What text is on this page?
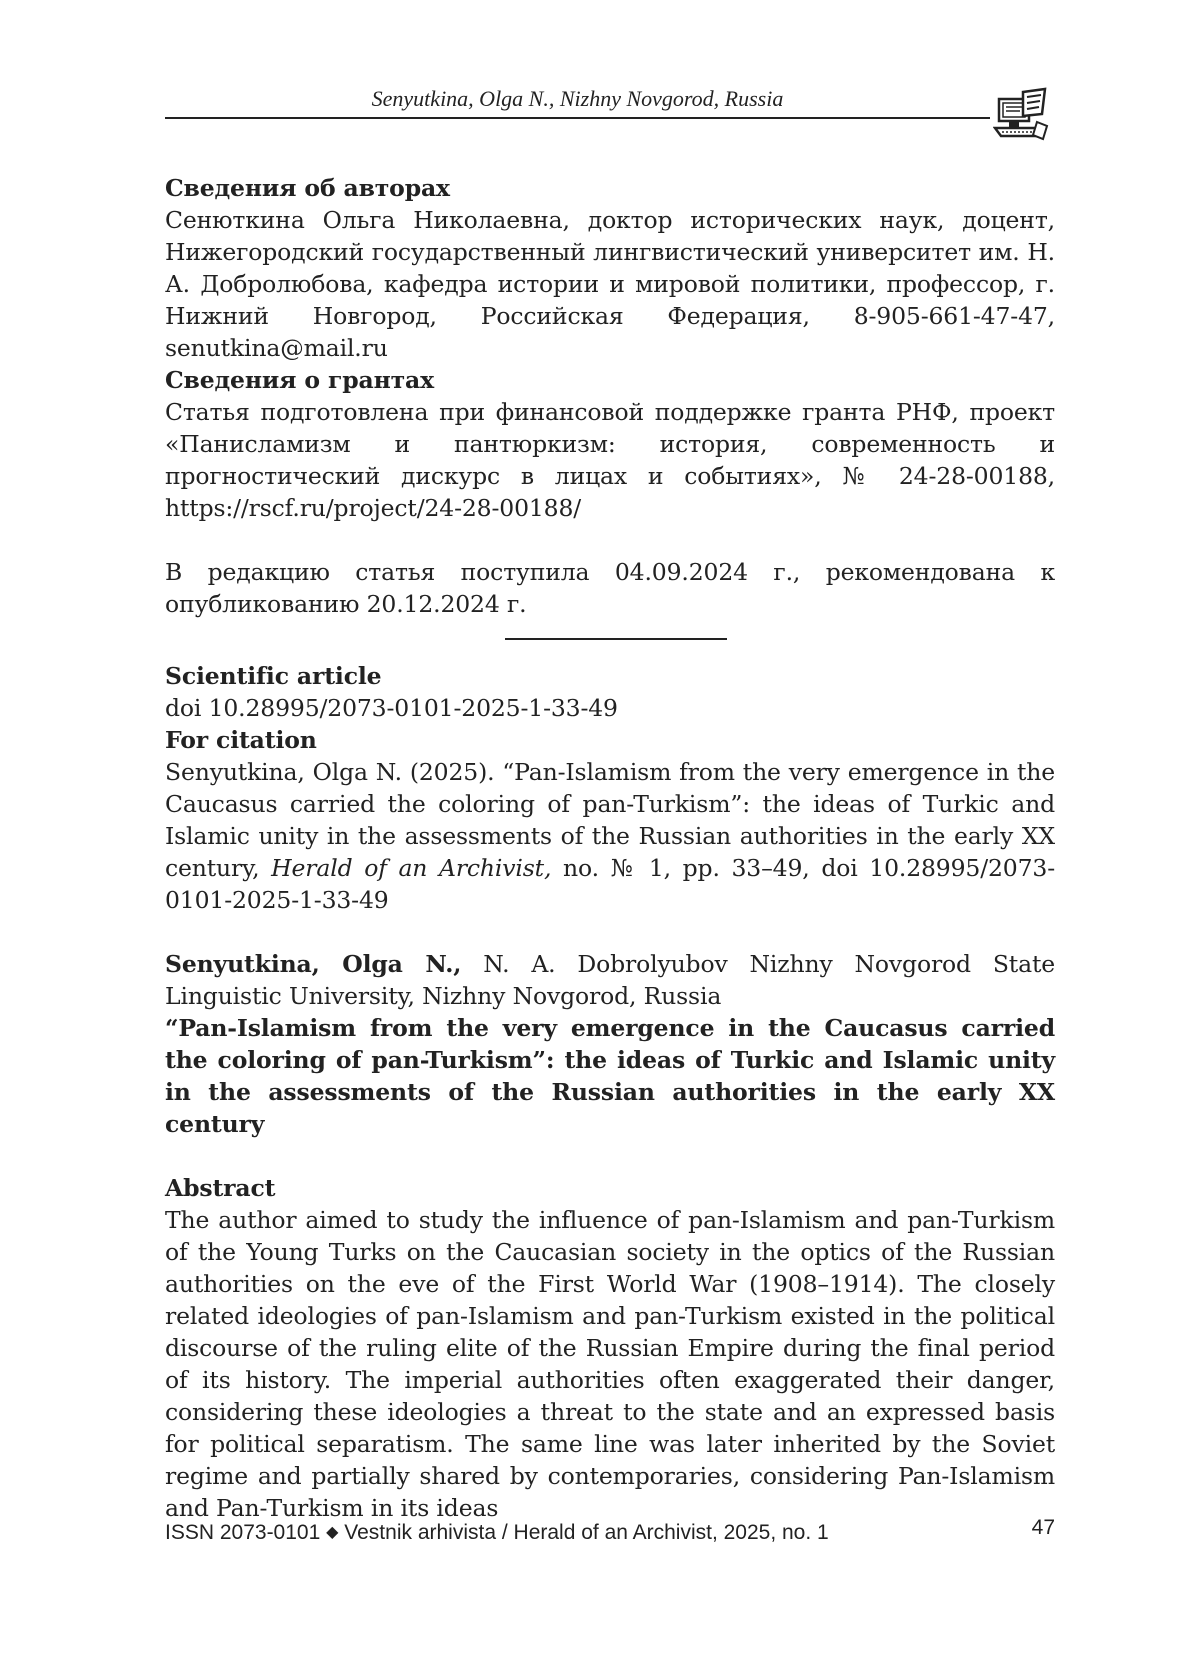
Senyutkina, Olga N., Nizhny Novgorod, Russia
Сведения об авторах

Сенюткина Ольга Николаевна, доктор исторических наук, доцент, Нижегородский государственный лингвистический университет им. Н. А. Добролюбова, кафедра истории и мировой политики, профессор, г. Нижний Новгород, Российская Федерация, 8-905-661-47-47, senutkina@mail.ru

Сведения о грантах

Статья подготовлена при финансовой поддержке гранта РНФ, проект «Панисламизм и пантюркизм: история, современность и прогностический дискурс в лицах и событиях», № 24-28-00188, https://rscf.ru/project/24-28-00188/

В редакцию статья поступила 04.09.2024 г., рекомендована к опубликованию 20.12.2024 г.

Scientific article

doi 10.28995/2073-0101-2025-1-33-49

For citation

Senyutkina, Olga N. (2025). “Pan-Islamism from the very emergence in the Caucasus carried the coloring of pan-Turkism”: the ideas of Turkic and Islamic unity in the assessments of the Russian authorities in the early XX century, Herald of an Archivist, no. № 1, pp. 33–49, doi 10.28995/2073-0101-2025-1-33-49

Senyutkina, Olga N., N. A. Dobrolyubov Nizhny Novgorod State Linguistic University, Nizhny Novgorod, Russia

“Pan-Islamism from the very emergence in the Caucasus carried the coloring of pan-Turkism”: the ideas of Turkic and Islamic unity in the assessments of the Russian authorities in the early XX century

Abstract

The author aimed to study the influence of pan-Islamism and pan-Turkism of the Young Turks on the Caucasian society in the optics of the Russian authorities on the eve of the First World War (1908–1914). The closely related ideologies of pan-Islamism and pan-Turkism existed in the political discourse of the ruling elite of the Russian Empire during the final period of its history. The imperial authorities often exaggerated their danger, considering these ideologies a threat to the state and an expressed basis for political separatism. The same line was later inherited by the Soviet regime and partially shared by contemporaries, considering Pan-Islamism and Pan-Turkism in its ideas

ISSN 2073-0101 ◆ Vestnik arhivista / Herald of an Archivist, 2025, no. 1	47
